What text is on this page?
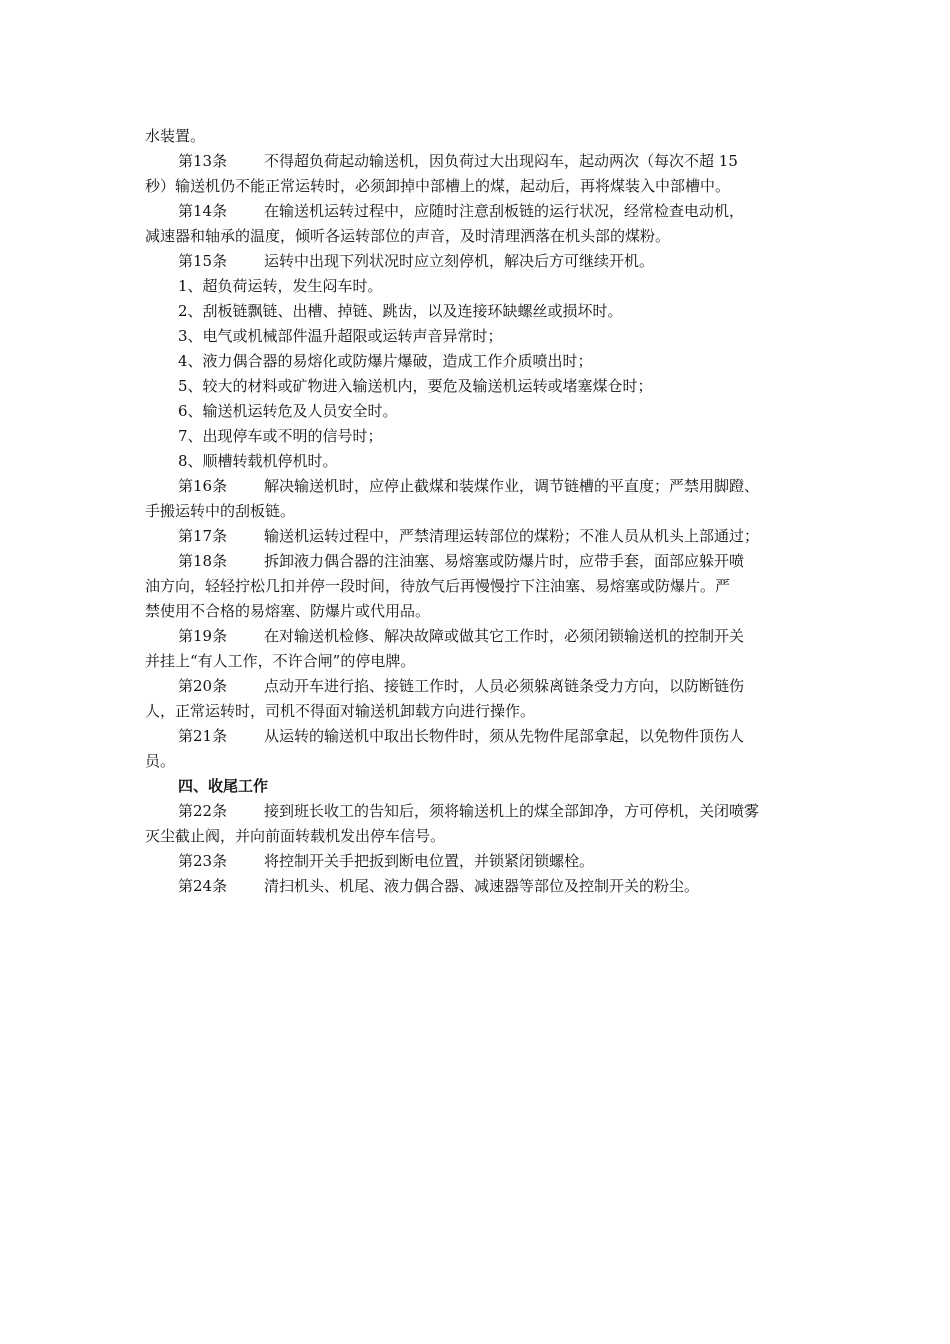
水装置。
第13条 不得超负荷起动输送机，因负荷过大出现闷车，起动两次（每次不超 15
秒）输送机仍不能正常运转时，必须卸掉中部槽上的煤，起动后，再将煤装入中部槽中。
第14条 在输送机运转过程中，应随时注意刮板链的运行状况，经常检查电动机，
减速器和轴承的温度，倾听各运转部位的声音，及时清理洒落在机头部的煤粉。
第15条 运转中出现下列状况时应立刻停机，解决后方可继续开机。
1、超负荷运转，发生闷车时。
2、刮板链飘链、出槽、掉链、跳齿，以及连接环缺螺丝或损坏时。
3、电气或机械部件温升超限或运转声音异常时；
4、液力偶合器的易熔化或防爆片爆破，造成工作介质喷出时；
5、较大的材料或矿物进入输送机内，要危及输送机运转或堵塞煤仓时；
6、输送机运转危及人员安全时。
7、出现停车或不明的信号时；
8、顺槽转载机停机时。
第16条 解决输送机时，应停止截煤和装煤作业，调节链槽的平直度；严禁用脚蹬、
手搬运转中的刮板链。
第17条 输送机运转过程中，严禁清理运转部位的煤粉；不准人员从机头上部通过；
第18条 拆卸液力偶合器的注油塞、易熔塞或防爆片时，应带手套，面部应躲开喷
油方向，轻轻拧松几扣并停一段时间，待放气后再慢慢拧下注油塞、易熔塞或防爆片。严
禁使用不合格的易熔塞、防爆片或代用品。
第19条 在对输送机检修、解决故障或做其它工作时，必须闭锁输送机的控制开关
并挂上“有人工作，不许合闸”的停电牌。
第20条 点动开车进行掐、接链工作时，人员必须躲离链条受力方向，以防断链伤
人，正常运转时，司机不得面对输送机卸载方向进行操作。
第21条 从运转的输送机中取出长物件时，须从先物件尾部拿起，以免物件顶伤人
员。
四、收尾工作
第22条 接到班长收工的告知后，须将输送机上的煤全部卸净，方可停机，关闭喷雾
灭尘截止阀，并向前面转载机发出停车信号。
第23条 将控制开关手把扳到断电位置，并锁紧闭锁螺栓。
第24条 清扫机头、机尾、液力偶合器、减速器等部位及控制开关的粉尘。
